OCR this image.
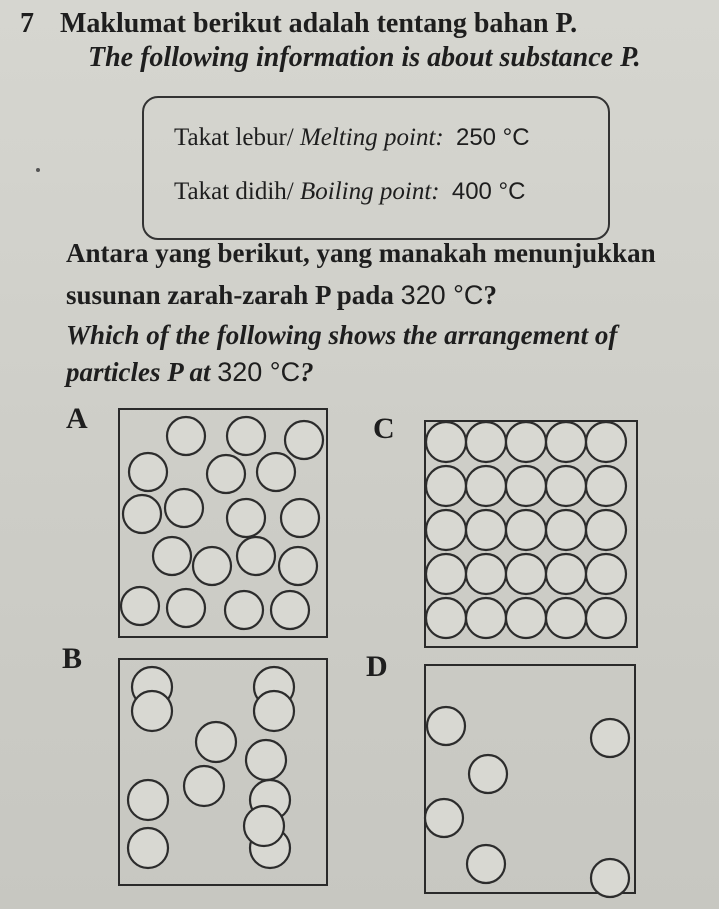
7 Maklumat berikut adalah tentang bahan P.
The following information is about substance P.
Takat lebur/ Melting point: 250 °C
Takat didih/ Boiling point: 400 °C
Antara yang berikut, yang manakah menunjukkan
susunan zarah-zarah P pada 320 °C?
Which of the following shows the arrangement of
particles P at 320 °C?
A
B
C
D
